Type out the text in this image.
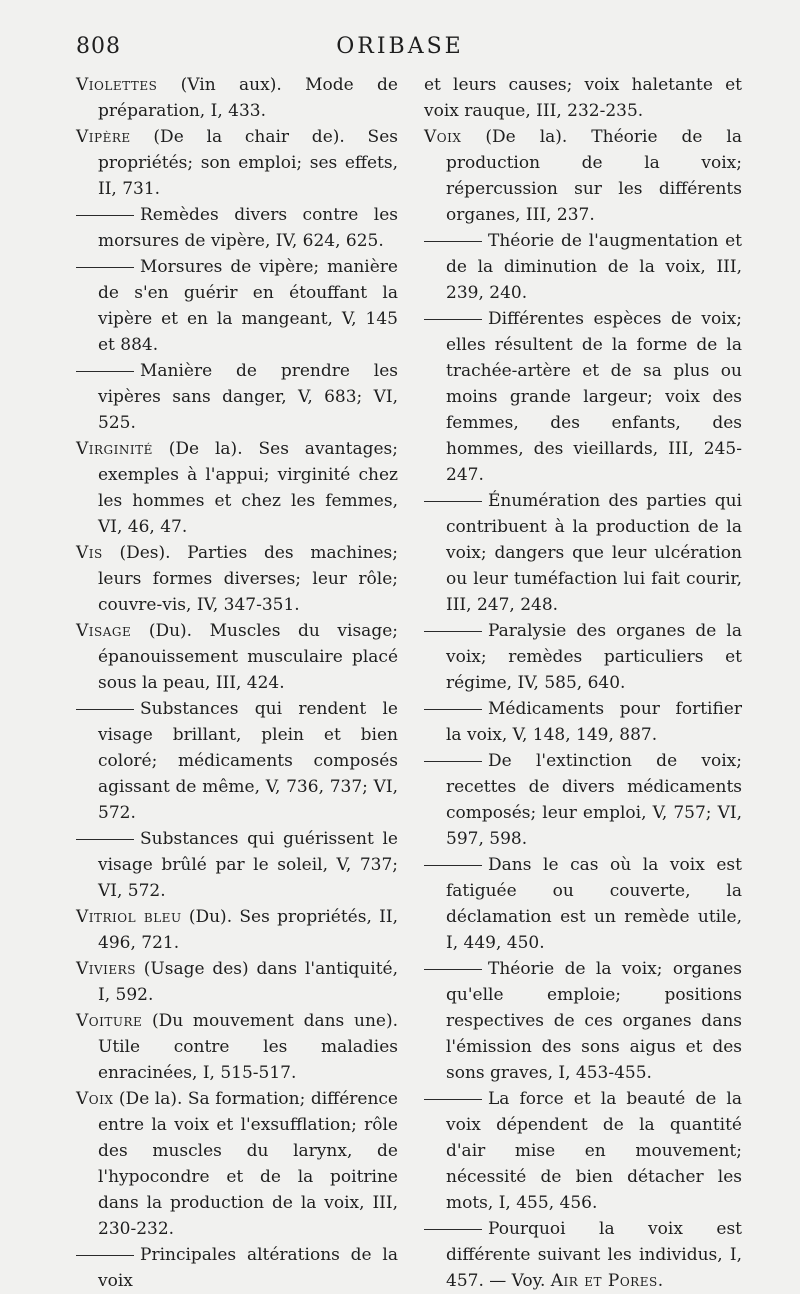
808	ORIBASE

Violettes (Vin aux). Mode de préparation, I, 433.

Vipère (De la chair de). Ses propriétés; son emploi; ses effets, II, 731.

Remèdes divers contre les morsures de vipère, IV, 624, 625.

Morsures de vipère; manière de s'en guérir en étouffant la vipère et en la mangeant, V, 145 et 884.

Manière de prendre les vipères sans danger, V, 683; VI, 525.

Virginité (De la). Ses avantages; exemples à l'appui; virginité chez les hommes et chez les femmes, VI, 46, 47.

Vis (Des). Parties des machines; leurs formes diverses; leur rôle; couvre-vis, IV, 347-351.

Visage (Du). Muscles du visage; épanouissement musculaire placé sous la peau, III, 424.

Substances qui rendent le visage brillant, plein et bien coloré; médicaments composés agissant de même, V, 736, 737; VI, 572.

Substances qui guérissent le visage brûlé par le soleil, V, 737; VI, 572.

Vitriol bleu (Du). Ses propriétés, II, 496, 721.

Viviers (Usage des) dans l'antiquité, I, 592.

Voiture (Du mouvement dans une). Utile contre les maladies enracinées, I, 515-517.

Voix (De la). Sa formation; différence entre la voix et l'exsufflation; rôle des muscles du larynx, de l'hypocondre et de la poitrine dans la production de la voix, III, 230-232.

Principales altérations de la voix

et leurs causes; voix haletante et voix rauque, III, 232-235.

Voix (De la). Théorie de la production de la voix; répercussion sur les différents organes, III, 237.

Théorie de l'augmentation et de la diminution de la voix, III, 239, 240.

Différentes espèces de voix; elles résultent de la forme de la trachée-artère et de sa plus ou moins grande largeur; voix des femmes, des enfants, des hommes, des vieillards, III, 245-247.

Énumération des parties qui contribuent à la production de la voix; dangers que leur ulcération ou leur tuméfaction lui fait courir, III, 247, 248.

Paralysie des organes de la voix; remèdes particuliers et régime, IV, 585, 640.

Médicaments pour fortifier la voix, V, 148, 149, 887.

De l'extinction de voix; recettes de divers médicaments composés; leur emploi, V, 757; VI, 597, 598.

Dans le cas où la voix est fatiguée ou couverte, la déclamation est un remède utile, I, 449, 450.

Théorie de la voix; organes qu'elle emploie; positions respectives de ces organes dans l'émission des sons aigus et des sons graves, I, 453-455.

La force et la beauté de la voix dépendent de la quantité d'air mise en mouvement; nécessité de bien détacher les mots, I, 455, 456.

Pourquoi la voix est différente suivant les individus, I, 457. — Voy. Air et Pores.
